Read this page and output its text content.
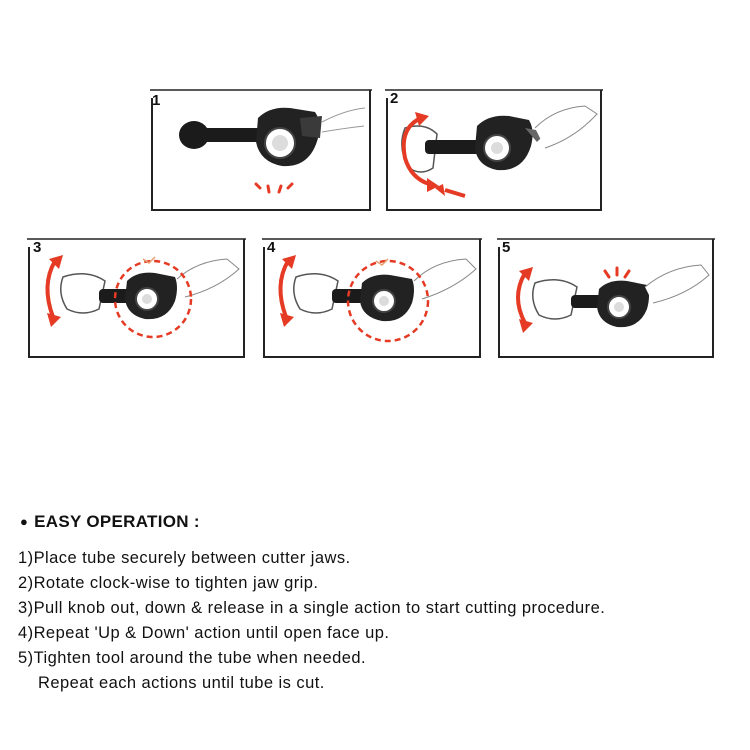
1	2
3	4	5
● EASY OPERATION :
1)Place tube securely between cutter jaws.
2)Rotate clock-wise to tighten jaw grip.
3)Pull knob out, down & release in a single action to start cutting procedure.
4)Repeat 'Up & Down' action until open face up.
5)Tighten tool around the tube when needed.
Repeat each actions until tube is cut.
